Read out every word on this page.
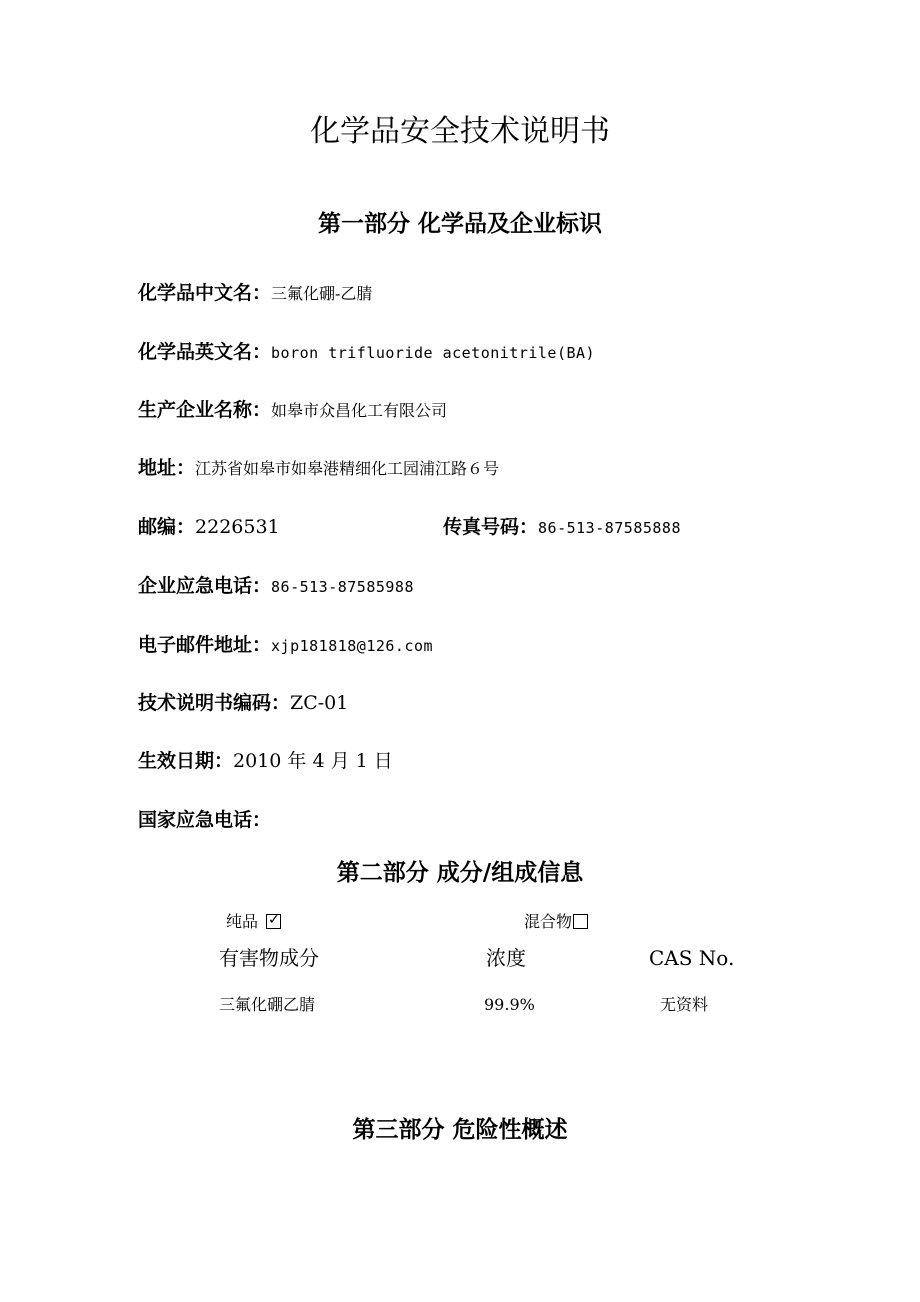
化学品安全技术说明书
第一部分 化学品及企业标识
化学品中文名：三氟化硼-乙腈
化学品英文名：boron trifluoride acetonitrile(BA)
生产企业名称：如皋市众昌化工有限公司
地址：江苏省如皋市如皋港精细化工园浦江路６号
邮编：2226531	传真号码：86-513-87585888
企业应急电话：86-513-87585988
电子邮件地址：xjp181818@126.com
技术说明书编码：ZC-01
生效日期：2010 年 4 月 1 日
国家应急电话：
第二部分 成分/组成信息
纯品 ✓	混合物
有害物成分	浓度	CAS No.
三氟化硼乙腈	99.9%	无资料
第三部分 危险性概述
